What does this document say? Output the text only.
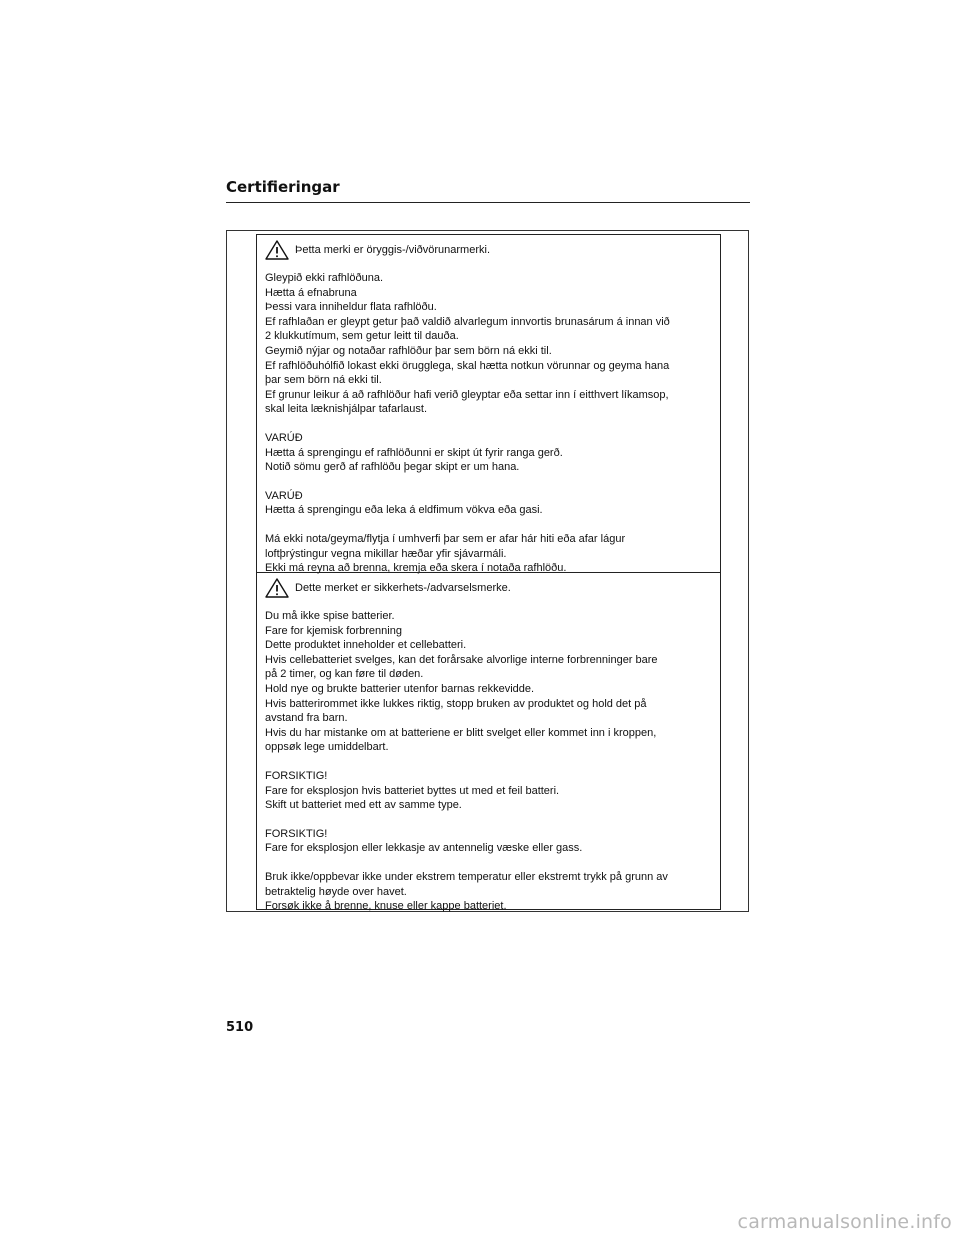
Certifieringar
Þetta merki er öryggis-/viðvörunarmerki.
Gleypið ekki rafhlöðuna.
Hætta á efnabruna
Þessi vara inniheldur flata rafhlöðu.
Ef rafhlaðan er gleypt getur það valdið alvarlegum innvortis brunasárum á innan við
2 klukkutímum, sem getur leitt til dauða.
Geymið nýjar og notaðar rafhlöður þar sem börn ná ekki til.
Ef rafhlöðuhólfið lokast ekki örugglega, skal hætta notkun vörunnar og geyma hana
þar sem börn ná ekki til.
Ef grunur leikur á að rafhlöður hafi verið gleyptar eða settar inn í eitthvert líkamsop,
skal leita læknishjálpar tafarlaust.
VARÚÐ
Hætta á sprengingu ef rafhlöðunni er skipt út fyrir ranga gerð.
Notið sömu gerð af rafhlöðu þegar skipt er um hana.
VARÚÐ
Hætta á sprengingu eða leka á eldfimum vökva eða gasi.
Má ekki nota/geyma/flytja í umhverfi þar sem er afar hár hiti eða afar lágur
loftþrýstingur vegna mikillar hæðar yfir sjávarmáli.
Ekki má reyna að brenna, kremja eða skera í notaða rafhlöðu.
Dette merket er sikkerhets-/advarselsmerke.
Du må ikke spise batterier.
Fare for kjemisk forbrenning
Dette produktet inneholder et cellebatteri.
Hvis cellebatteriet svelges, kan det forårsake alvorlige interne forbrenninger bare
på 2 timer, og kan føre til døden.
Hold nye og brukte batterier utenfor barnas rekkevidde.
Hvis batterirommet ikke lukkes riktig, stopp bruken av produktet og hold det på
avstand fra barn.
Hvis du har mistanke om at batteriene er blitt svelget eller kommet inn i kroppen,
oppsøk lege umiddelbart.
FORSIKTIG!
Fare for eksplosjon hvis batteriet byttes ut med et feil batteri.
Skift ut batteriet med ett av samme type.
FORSIKTIG!
Fare for eksplosjon eller lekkasje av antennelig væske eller gass.
Bruk ikke/oppbevar ikke under ekstrem temperatur eller ekstremt trykk på grunn av
betraktelig høyde over havet.
Forsøk ikke å brenne, knuse eller kappe batteriet.
510
carmanualsonline.info
